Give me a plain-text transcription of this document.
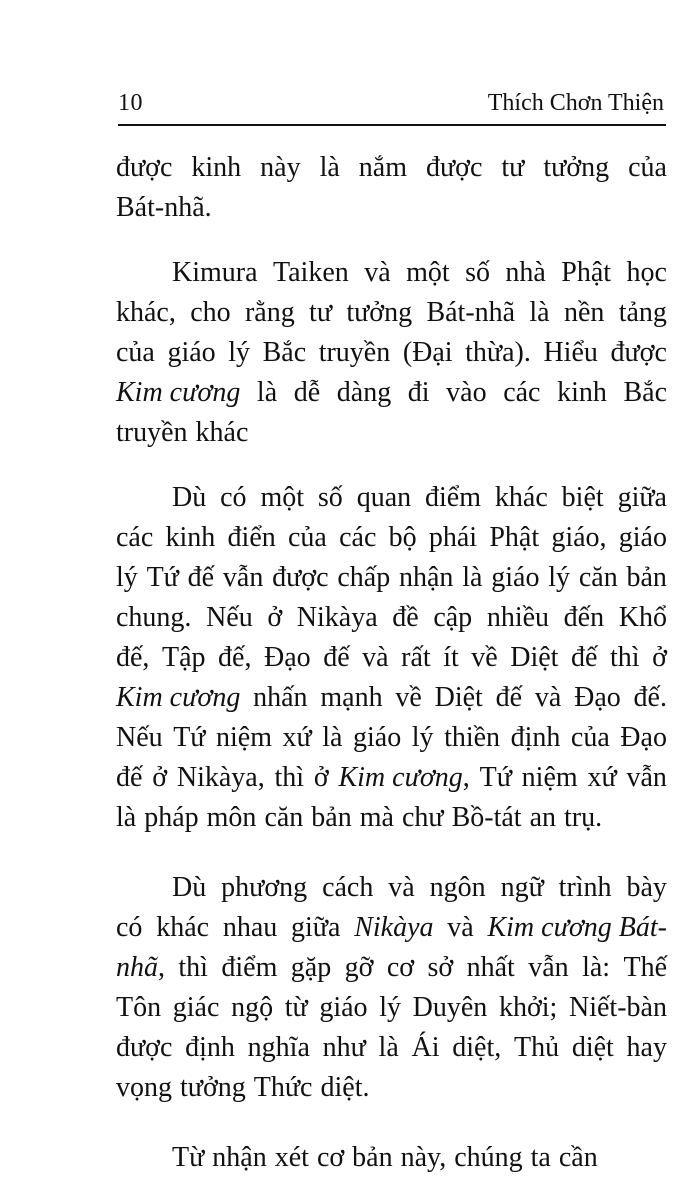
10	Thích Chơn Thiện
được kinh này là nắm được tư tưởng của
Bát-nhã.
Kimura Taiken và một số nhà Phật học
khác, cho rằng tư tưởng Bát-nhã là nền tảng
của giáo lý Bắc truyền (Đại thừa). Hiểu được
Kim cương là dễ dàng đi vào các kinh Bắc
truyền khác
Dù có một số quan điểm khác biệt giữa
các kinh điển của các bộ phái Phật giáo, giáo
lý Tứ đế vẫn được chấp nhận là giáo lý căn bản
chung. Nếu ở Nikàya đề cập nhiều đến Khổ
đế, Tập đế, Đạo đế và rất ít về Diệt đế thì ở
Kim cương nhấn mạnh về Diệt đế và Đạo đế.
Nếu Tứ niệm xứ là giáo lý thiền định của Đạo
đế ở Nikàya, thì ở Kim cương, Tứ niệm xứ vẫn
là pháp môn căn bản mà chư Bồ-tát an trụ.
Dù phương cách và ngôn ngữ trình bày
có khác nhau giữa Nikàya và Kim cương Bát-
nhã, thì điểm gặp gỡ cơ sở nhất vẫn là: Thế
Tôn giác ngộ từ giáo lý Duyên khởi; Niết-bàn
được định nghĩa như là Ái diệt, Thủ diệt hay
vọng tưởng Thức diệt.
Từ nhận xét cơ bản này, chúng ta cần
